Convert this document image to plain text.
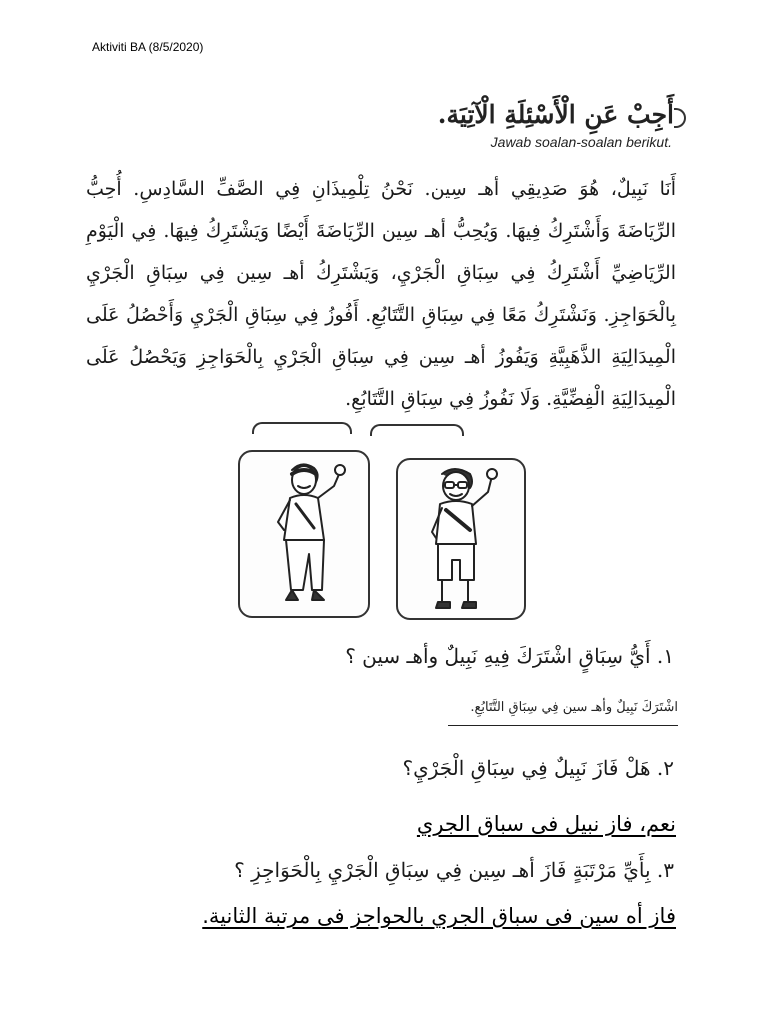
Aktiviti BA (8/5/2020)
أَجِبْ عَنِ الْأَسْئِلَةِ الْآتِيَة.
Jawab soalan-soalan berikut.
أَنَا نَبِيلٌ، هُوَ صَدِيقِي أهـ سِين. نَحْنُ تِلْمِيذَانِ فِي الصَّفِّ السَّادِسِ. أُحِبُّ الرِّيَاضَةَ وَأَشْتَرِكُ فِيهَا. وَيُحِبُّ أهـ سِين الرِّيَاضَةَ أَيْضًا وَيَشْتَرِكُ فِيهَا. فِي الْيَوْمِ الرِّيَاضِيِّ أَشْتَرِكُ فِي سِبَاقِ الْجَرْيِ، وَيَشْتَرِكُ أهـ سِين فِي سِبَاقِ الْجَرْيِ بِالْحَوَاجِزِ. وَنَشْتَرِكُ مَعًا فِي سِبَاقِ التَّتَابُعِ. أَفُوزُ فِي سِبَاقِ الْجَرْيِ وَأَحْصُلُ عَلَى الْمِيدَالِيَةِ الذَّهَبِيَّةِ وَيَفُوزُ أهـ سِين فِي سِبَاقِ الْجَرْيِ بِالْحَوَاجِزِ وَيَحْصُلُ عَلَى الْمِيدَالِيَةِ الْفِضِّيَّةِ. وَلَا نَفُوزُ فِي سِبَاقِ التَّتَابُعِ.
١. أَيُّ سِبَاقٍ اشْتَرَكَ فِيهِ نَبِيلٌ وأهـ سين ؟
اشْتَرَكَ نَبِيلٌ وأهـ سين فِي سِبَاقِ التَّتَابُعِ.
٢. هَلْ فَازَ نَبِيلٌ فِي سِبَاقِ الْجَرْيِ؟
نعم، فاز نبيل فى سباق الجري
٣. بِأَيِّ مَرْتَبَةٍ فَازَ أهـ سِين فِي سِبَاقِ الْجَرْيِ بِالْحَوَاجِزِ ؟
فاز أه سين فى سباق الجري بالحواجز فى مرتبة الثانية.
